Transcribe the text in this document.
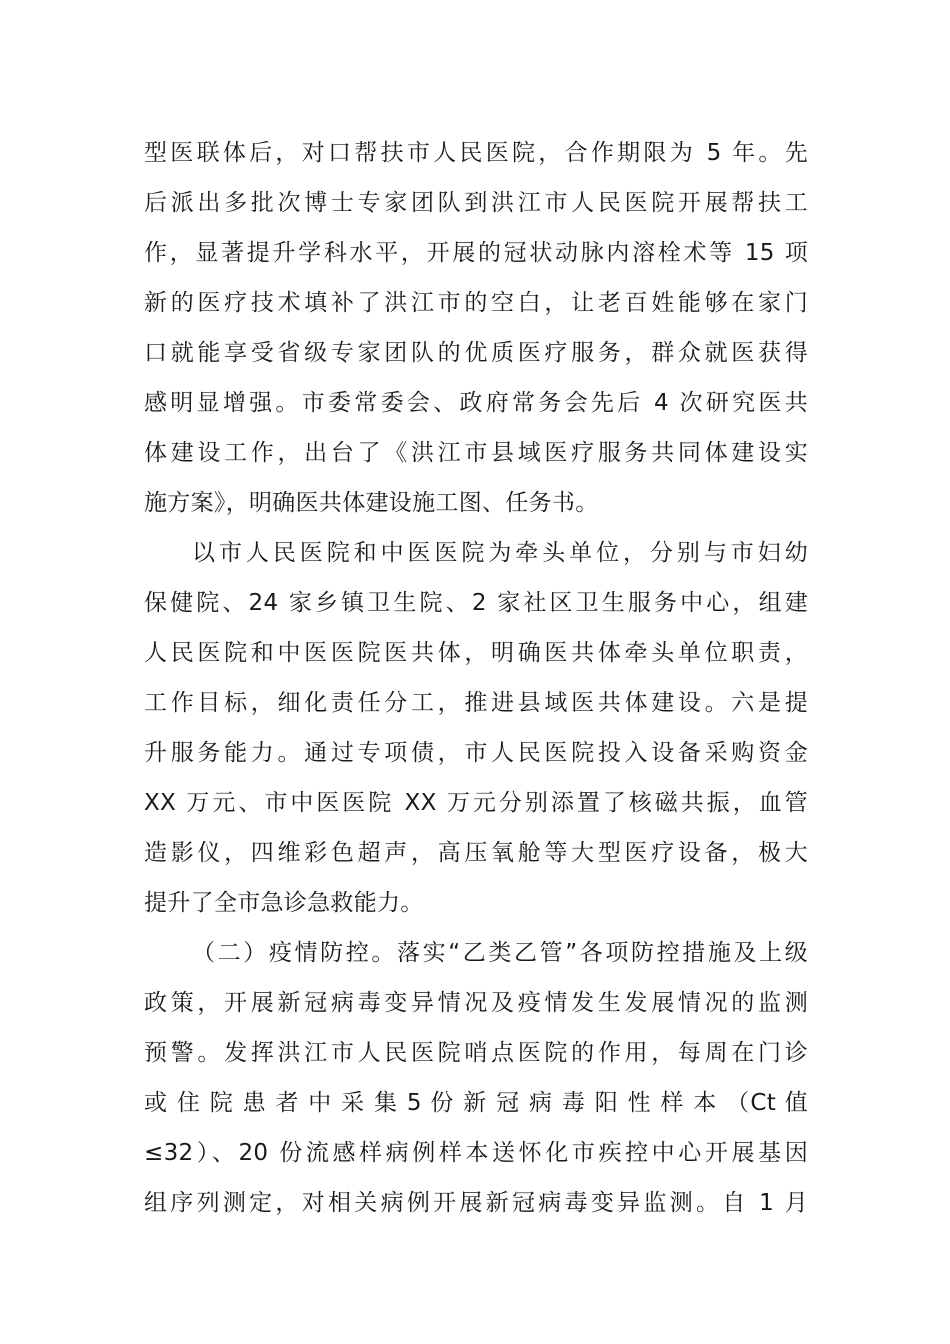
型医联体后，对口帮扶市人民医院，合作期限为 5 年。先
后派出多批次博士专家团队到洪江市人民医院开展帮扶工
作，显著提升学科水平，开展的冠状动脉内溶栓术等 15 项
新的医疗技术填补了洪江市的空白，让老百姓能够在家门
口就能享受省级专家团队的优质医疗服务，群众就医获得
感明显增强。市委常委会、政府常务会先后 4 次研究医共
体建设工作，出台了《洪江市县域医疗服务共同体建设实
施方案》，明确医共体建设施工图、任务书。
以市人民医院和中医医院为牵头单位，分别与市妇幼
保健院、24 家乡镇卫生院、2 家社区卫生服务中心，组建
人民医院和中医医院医共体，明确医共体牵头单位职责，
工作目标，细化责任分工，推进县域医共体建设。六是提
升服务能力。通过专项债，市人民医院投入设备采购资金
XX 万元、市中医医院 XX 万元分别添置了核磁共振，血管
造影仪，四维彩色超声，高压氧舱等大型医疗设备，极大
提升了全市急诊急救能力。
（二）疫情防控。落实“乙类乙管”各项防控措施及上级
政策，开展新冠病毒变异情况及疫情发生发展情况的监测
预警。发挥洪江市人民医院哨点医院的作用，每周在门诊
或 住 院 患 者 中 采 集 5 份 新 冠 病 毒 阳 性 样 本 （Ct 值
≤32）、20 份流感样病例样本送怀化市疾控中心开展基因
组序列测定，对相关病例开展新冠病毒变异监测。自 1 月
